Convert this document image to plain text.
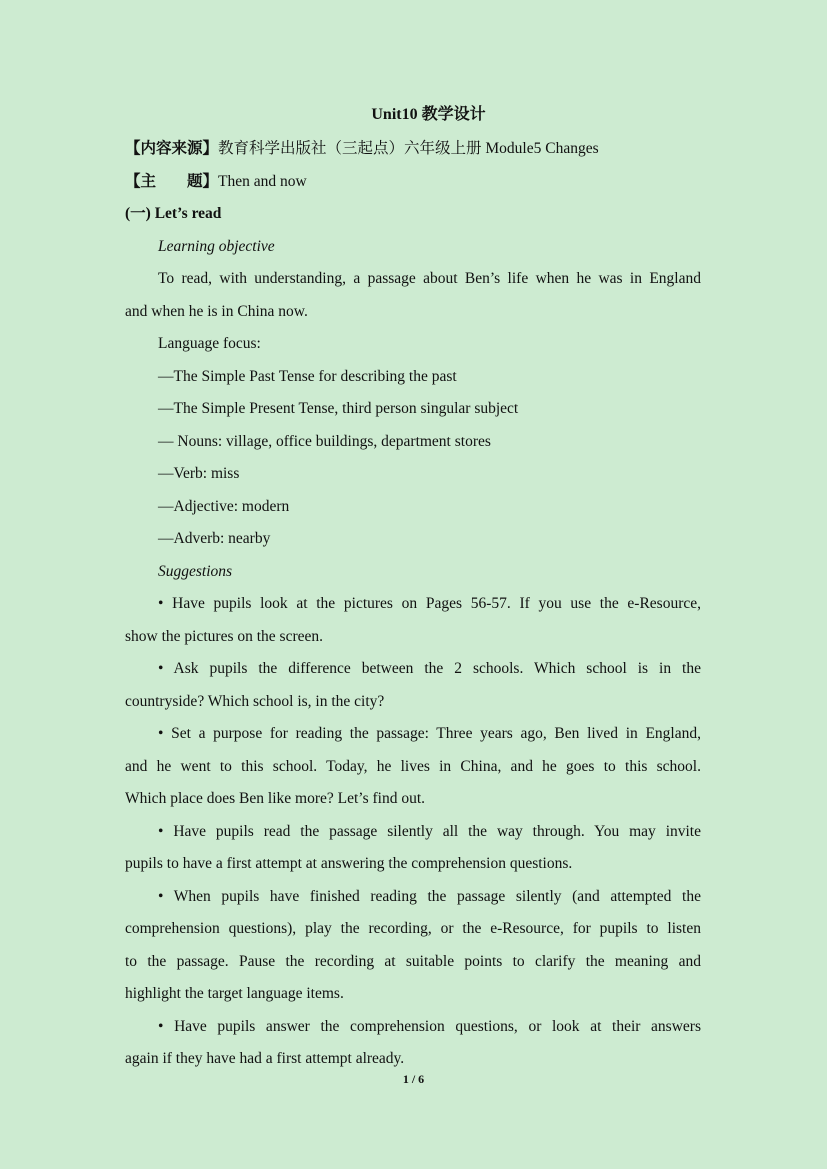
Unit10 教学设计
【内容来源】教育科学出版社（三起点）六年级上册 Module5 Changes
【主　　题】Then and now
(一) Let’s read
Learning objective
To read, with understanding, a passage about Ben’s life when he was in England
and when he is in China now.
Language focus:
—The Simple Past Tense for describing the past
—The Simple Present Tense, third person singular subject
— Nouns: village, office buildings, department stores
—Verb: miss
—Adjective: modern
—Adverb: nearby
Suggestions
• Have pupils look at the pictures on Pages 56-57. If you use the e-Resource,
show the pictures on the screen.
• Ask pupils the difference between the 2 schools. Which school is in the
countryside? Which school is, in the city?
• Set a purpose for reading the passage: Three years ago, Ben lived in England,
and he went to this school. Today, he lives in China, and he goes to this school.
Which place does Ben like more? Let’s find out.
• Have pupils read the passage silently all the way through. You may invite
pupils to have a first attempt at answering the comprehension questions.
• When pupils have finished reading the passage silently (and attempted the
comprehension questions), play the recording, or the e-Resource, for pupils to listen
to the passage. Pause the recording at suitable points to clarify the meaning and
highlight the target language items.
• Have pupils answer the comprehension questions, or look at their answers
again if they have had a first attempt already.
1 / 6
